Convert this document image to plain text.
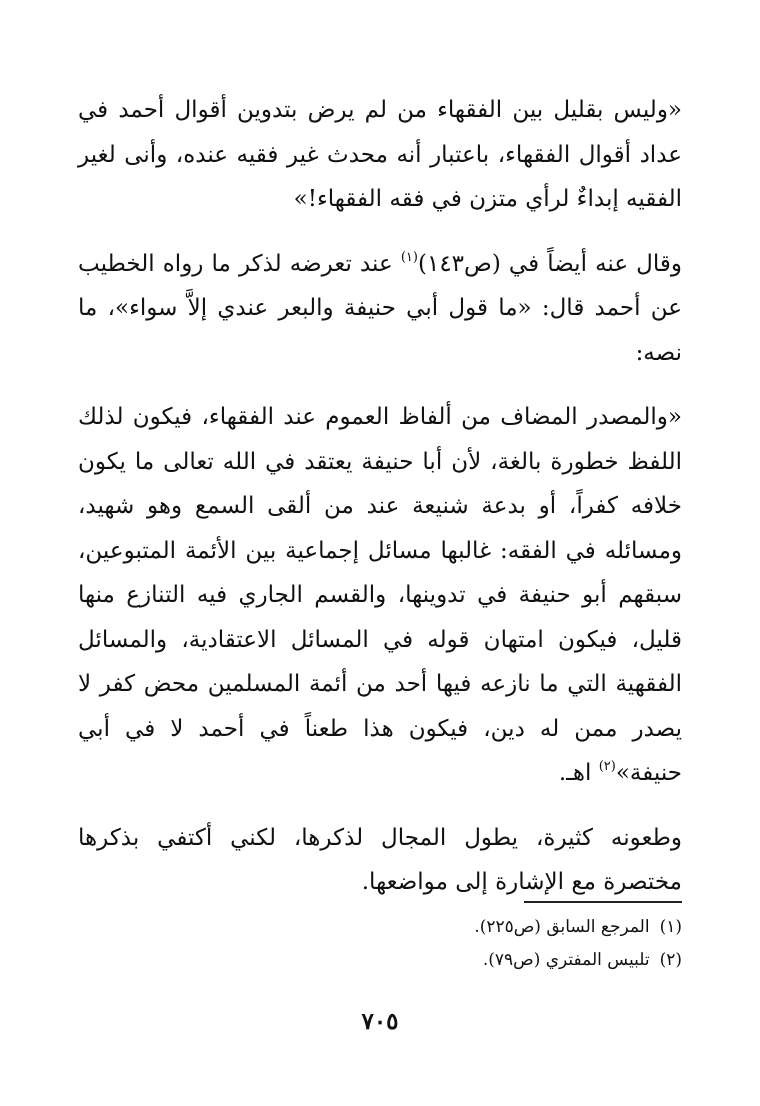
«وليس بقليل بين الفقهاء من لم يرض بتدوين أقوال أحمد في عداد أقوال الفقهاء، باعتبار أنه محدث غير فقيه عنده، وأنى لغير الفقيه إبداءٌ لرأي متزن في فقه الفقهاء!»

وقال عنه أيضاً في (ص١٤٣)$^{(١)}$ عند تعرضه لذكر ما رواه الخطيب عن أحمد قال: «ما قول أبي حنيفة والبعر عندي إلاَّ سواء»، ما نصه:

«والمصدر المضاف من ألفاظ العموم عند الفقهاء، فيكون لذلك اللفظ خطورة بالغة، لأن أبا حنيفة يعتقد في الله تعالى ما يكون خلافه كفراً، أو بدعة شنيعة عند من ألقى السمع وهو شهيد، ومسائله في الفقه: غالبها مسائل إجماعية بين الأئمة المتبوعين، سبقهم أبو حنيفة في تدوينها، والقسم الجاري فيه التنازع منها قليل، فيكون امتهان قوله في المسائل الاعتقادية، والمسائل الفقهية التي ما نازعه فيها أحد من أئمة المسلمين محض كفر لا يصدر ممن له دين، فيكون هذا طعناً في أحمد لا في أبي حنيفة»$^{(٢)}$ اهـ.

وطعونه كثيرة، يطول المجال لذكرها، لكني أكتفي بذكرها مختصرة مع الإشارة إلى مواضعها.

(١)المرجع السابق (ص٢٢٥).

(٢)تلبيس المفتري (ص٧٩).

٧٠٥
